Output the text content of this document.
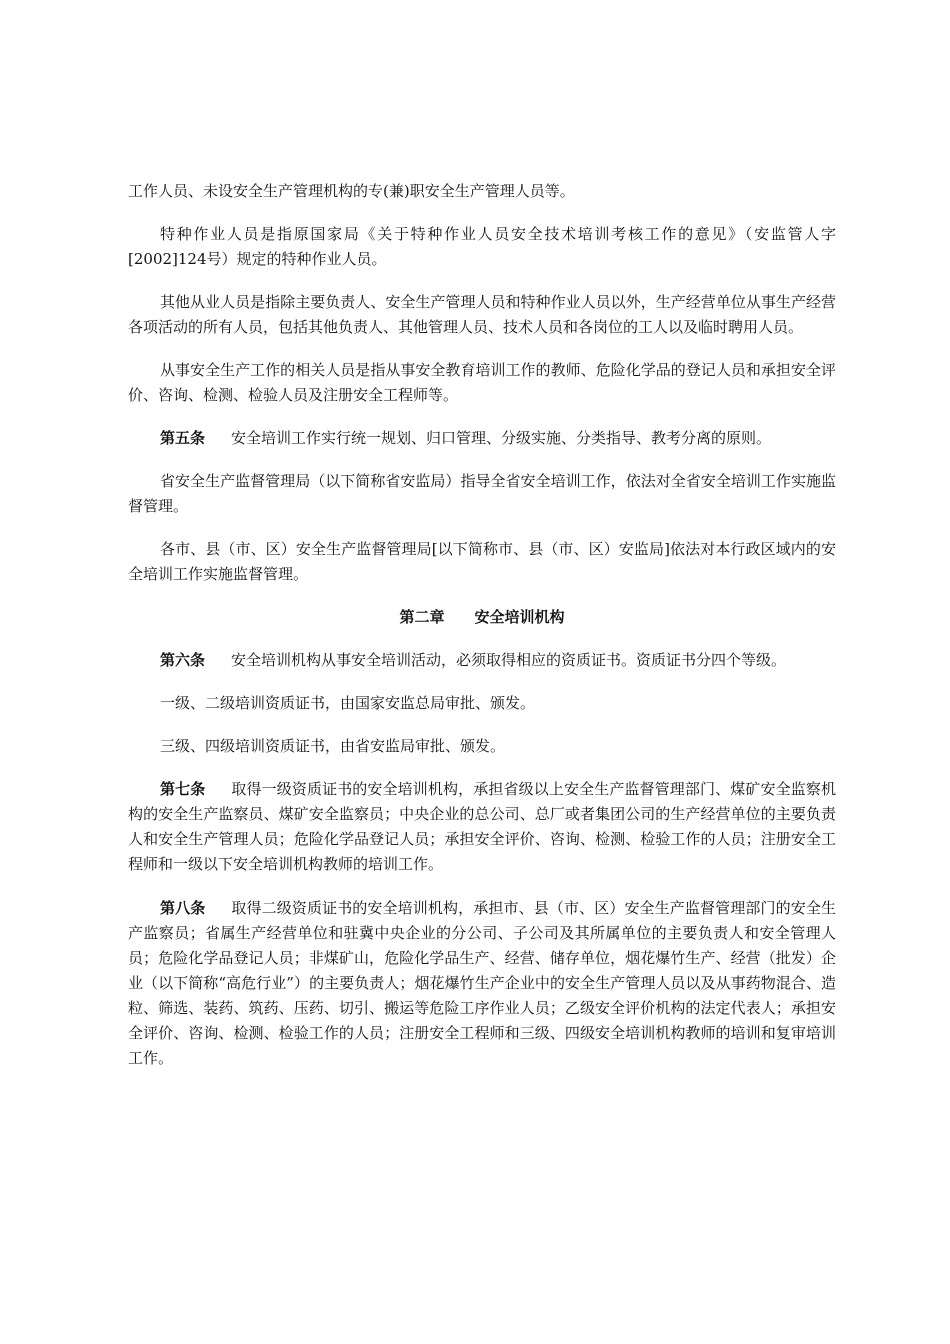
工作人员、未设安全生产管理机构的专(兼)职安全生产管理人员等。

特种作业人员是指原国家局《关于特种作业人员安全技术培训考核工作的意见》（安监管人字[2002]124号）规定的特种作业人员。

其他从业人员是指除主要负责人、安全生产管理人员和特种作业人员以外，生产经营单位从事生产经营各项活动的所有人员，包括其他负责人、其他管理人员、技术人员和各岗位的工人以及临时聘用人员。

从事安全生产工作的相关人员是指从事安全教育培训工作的教师、危险化学品的登记人员和承担安全评价、咨询、检测、检验人员及注册安全工程师等。

第五条 安全培训工作实行统一规划、归口管理、分级实施、分类指导、教考分离的原则。

省安全生产监督管理局（以下简称省安监局）指导全省安全培训工作，依法对全省安全培训工作实施监督管理。

各市、县（市、区）安全生产监督管理局[以下简称市、县（市、区）安监局]依法对本行政区域内的安全培训工作实施监督管理。

第二章 安全培训机构

第六条 安全培训机构从事安全培训活动，必须取得相应的资质证书。资质证书分四个等级。

一级、二级培训资质证书，由国家安监总局审批、颁发。

三级、四级培训资质证书，由省安监局审批、颁发。

第七条 取得一级资质证书的安全培训机构，承担省级以上安全生产监督管理部门、煤矿安全监察机构的安全生产监察员、煤矿安全监察员；中央企业的总公司、总厂或者集团公司的生产经营单位的主要负责人和安全生产管理人员；危险化学品登记人员；承担安全评价、咨询、检测、检验工作的人员；注册安全工程师和一级以下安全培训机构教师的培训工作。

第八条 取得二级资质证书的安全培训机构，承担市、县（市、区）安全生产监督管理部门的安全生产监察员；省属生产经营单位和驻冀中央企业的分公司、子公司及其所属单位的主要负责人和安全管理人员；危险化学品登记人员；非煤矿山，危险化学品生产、经营、储存单位，烟花爆竹生产、经营（批发）企业（以下简称“高危行业”）的主要负责人；烟花爆竹生产企业中的安全生产管理人员以及从事药物混合、造粒、筛选、装药、筑药、压药、切引、搬运等危险工序作业人员；乙级安全评价机构的法定代表人；承担安全评价、咨询、检测、检验工作的人员；注册安全工程师和三级、四级安全培训机构教师的培训和复审培训工作。
